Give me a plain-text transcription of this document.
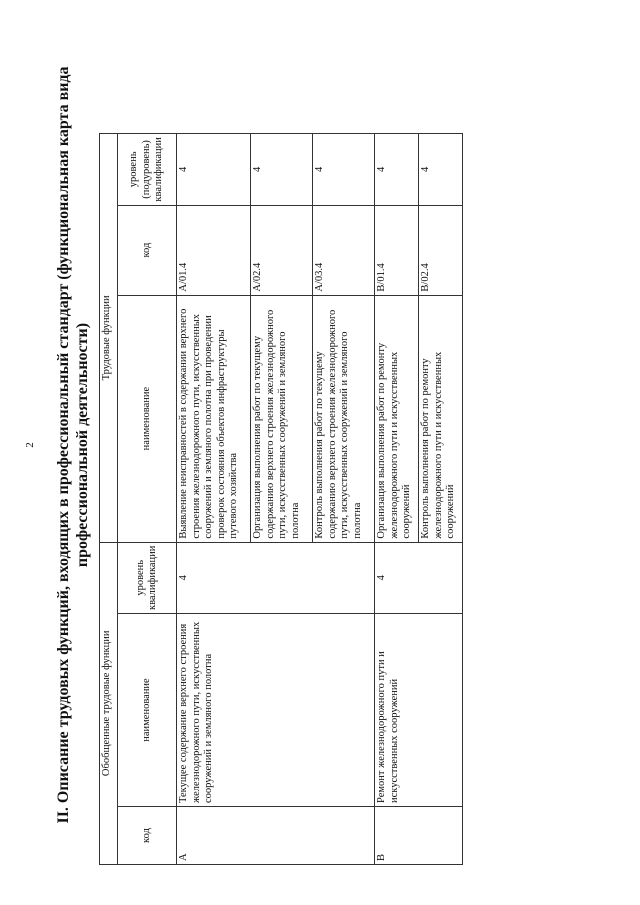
2 II. Описание трудовых функций, входящих в профессиональный стандарт (функциональная карта вида профессиональной деятельности)
Обобщенные трудовые функции			Трудовые функции		
код	наименование	уровень квалификации	наименование	код	уровень (подуровень) квалификации
A	Текущее содержание верхнего строения железнодорожного пути, искусственных сооружений и земляного полотна	4	Выявление неисправностей в содержании верхнего строения железнодорожного пути, искусственных сооружений и земляного полотна при проведении проверок состояния объектов инфраструктуры путевого хозяйства	A/01.4	4
			Организация выполнения работ по текущему содержанию верхнего строения железнодорожного пути, искусственных сооружений и земляного полотна	A/02.4	4
			Контроль выполнения работ по текущему содержанию верхнего строения железнодорожного пути, искусственных сооружений и земляного полотна	A/03.4	4
B	Ремонт железнодорожного пути и искусственных сооружений	4	Организация выполнения работ по ремонту железнодорожного пути и искусственных сооружений	B/01.4	4
			Контроль выполнения работ по ремонту железнодорожного пути и искусственных сооружений	B/02.4	4
